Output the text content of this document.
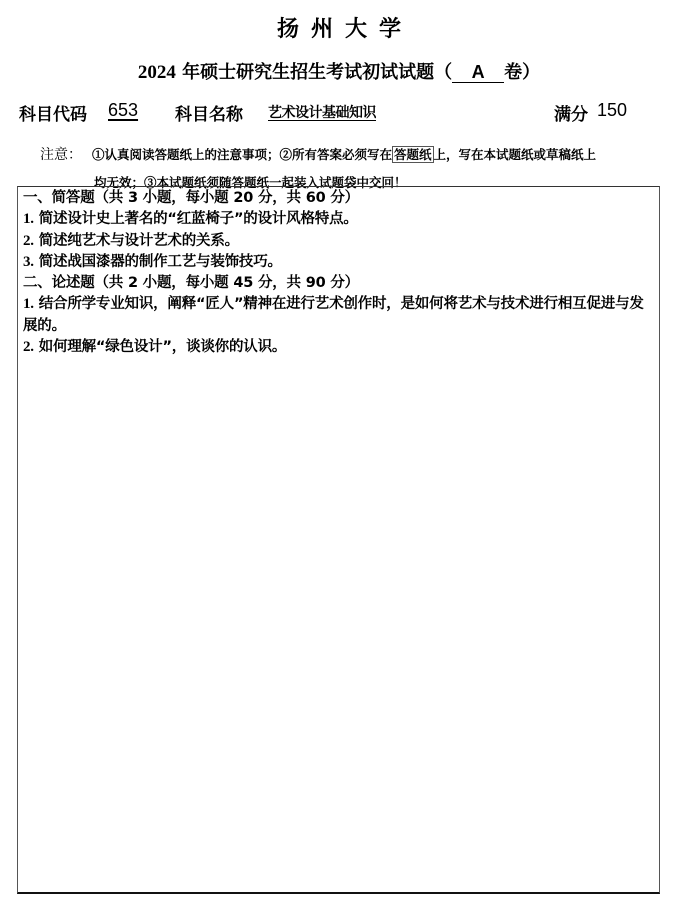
扬州大学
2024 年硕士研究生招生考试初试试题（ A 卷）
科目代码 653 科目名称 艺术设计基础知识	满分 150
注意： ①认真阅读答题纸上的注意事项；②所有答案必须写在 答题纸 上，写在本试题纸或草稿纸上
均无效；③本试题纸须随答题纸一起装入试题袋中交回！
一、简答题（共 3 小题，每小题 20 分，共 60 分）
1. 简述设计史上著名的“红蓝椅子”的设计风格特点。
2. 简述纯艺术与设计艺术的关系。
3. 简述战国漆器的制作工艺与装饰技巧。
二、论述题（共 2 小题，每小题 45 分，共 90 分）
1. 结合所学专业知识，阐释“匠人”精神在进行艺术创作时，是如何将艺术与技术进行相互促进与发展的。
2. 如何理解“绿色设计”，谈谈你的认识。
